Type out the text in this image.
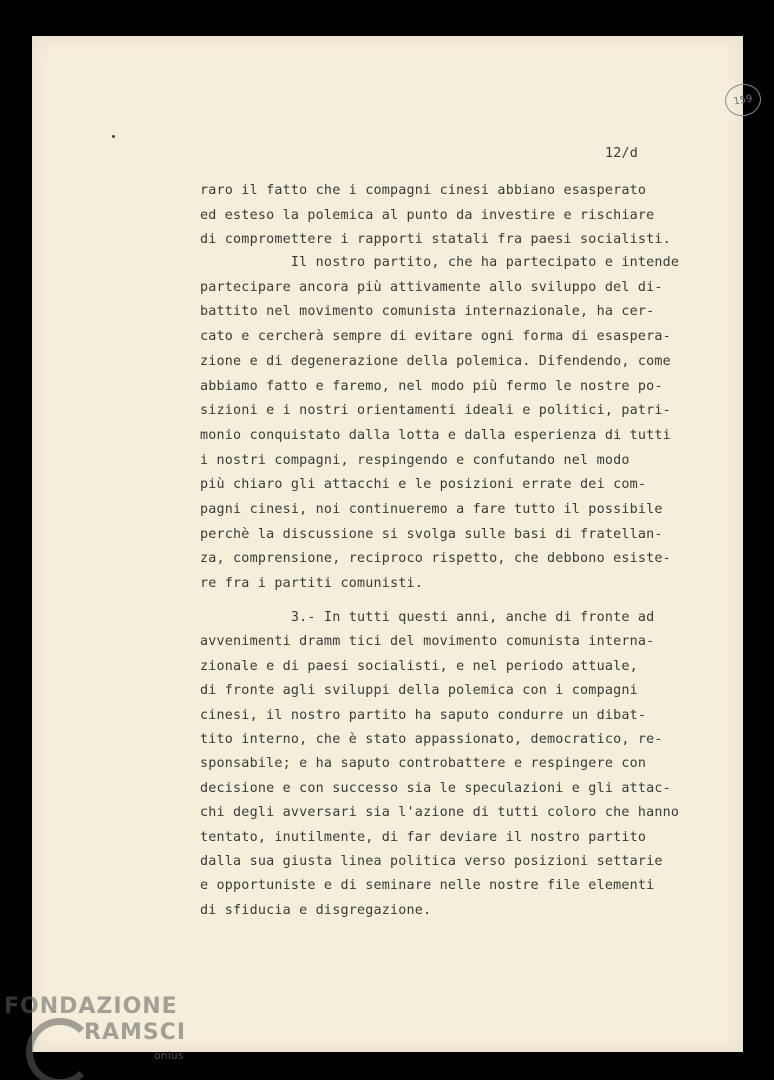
159
12/d
raro il fatto che i compagni cinesi abbiano esasperato
ed esteso la polemica al punto da investire e rischiare
di compromettere i rapporti statali fra paesi socialisti.
Il nostro partito, che ha partecipato e intende
partecipare ancora più attivamente allo sviluppo del di-
battito nel movimento comunista internazionale, ha cer-
cato e cercherà sempre di evitare ogni forma di esaspera-
zione e di degenerazione della polemica. Difendendo, come
abbiamo fatto e faremo, nel modo più fermo le nostre po-
sizioni e i nostri orientamenti ideali e politici, patri-
monio conquistato dalla lotta e dalla esperienza di tutti
i nostri compagni, respingendo e confutando nel modo
più chiaro gli attacchi e le posizioni errate dei com-
pagni cinesi, noi continueremo a fare tutto il possibile
perchè la discussione si svolga sulle basi di fratellan-
za, comprensione, reciproco rispetto, che debbono esiste-
re fra i partiti comunisti.
3.- In tutti questi anni, anche di fronte ad
avvenimenti dramm tici del movimento comunista interna-
zionale e di paesi socialisti, e nel periodo attuale,
di fronte agli sviluppi della polemica con i compagni
cinesi, il nostro partito ha saputo condurre un dibat-
tito interno, che è stato appassionato, democratico, re-
sponsabile; e ha saputo controbattere e respingere con
decisione e con successo sia le speculazioni e gli attac-
chi degli avversari sia l'azione di tutti coloro che hanno
tentato, inutilmente, di far deviare il nostro partito
dalla sua giusta linea politica verso posizioni settarie
e opportuniste e di seminare nelle nostre file elementi
di sfiducia e disgregazione.
FONDAZIONE
RAMSCI
onlus
